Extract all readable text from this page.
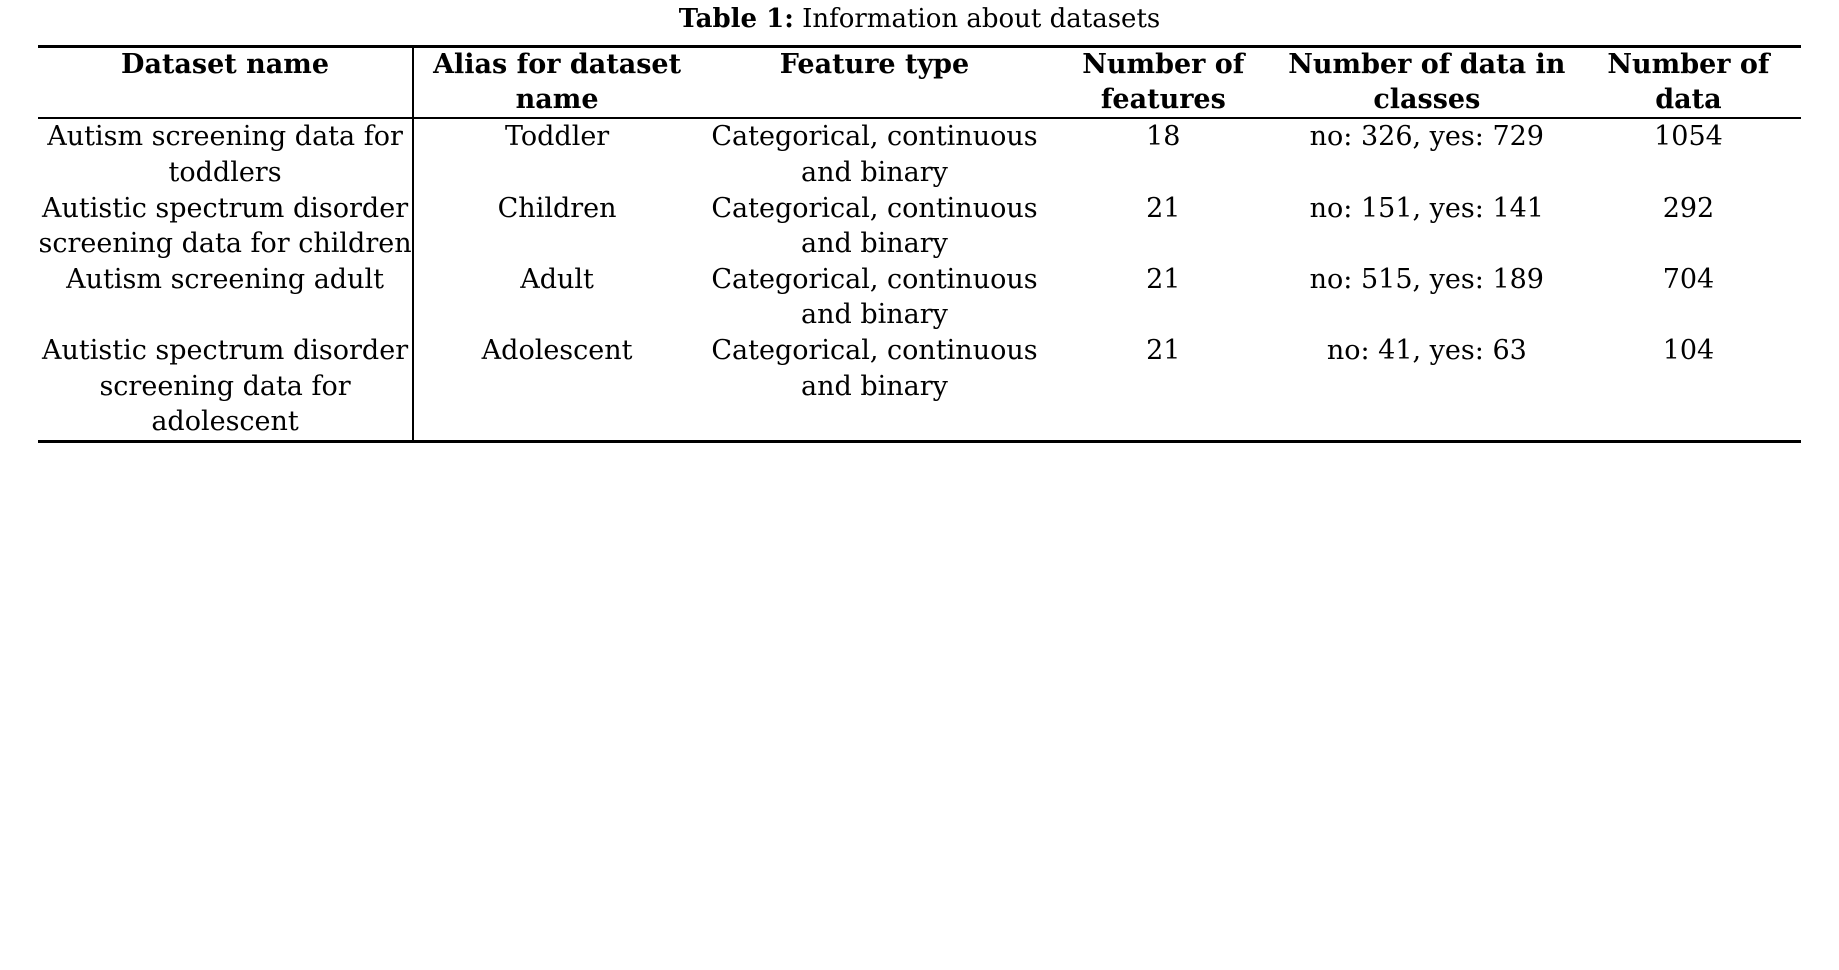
Table 1: Information about datasets

Dataset name	Alias for dataset name	Feature type	Number of features	Number of data in classes	Number of data

Autism screening data for toddlers	Toddler	Categorical, continuous and binary	18	no: 326, yes: 729	1054
Autistic spectrum disorder screening data for children	Children	Categorical, continuous and binary	21	no: 151, yes: 141	292
Autism screening adult	Adult	Categorical, continuous and binary	21	no: 515, yes: 189	704
Autistic spectrum disorder screening data for adolescent	Adolescent	Categorical, continuous and binary	21	no: 41, yes: 63	104
